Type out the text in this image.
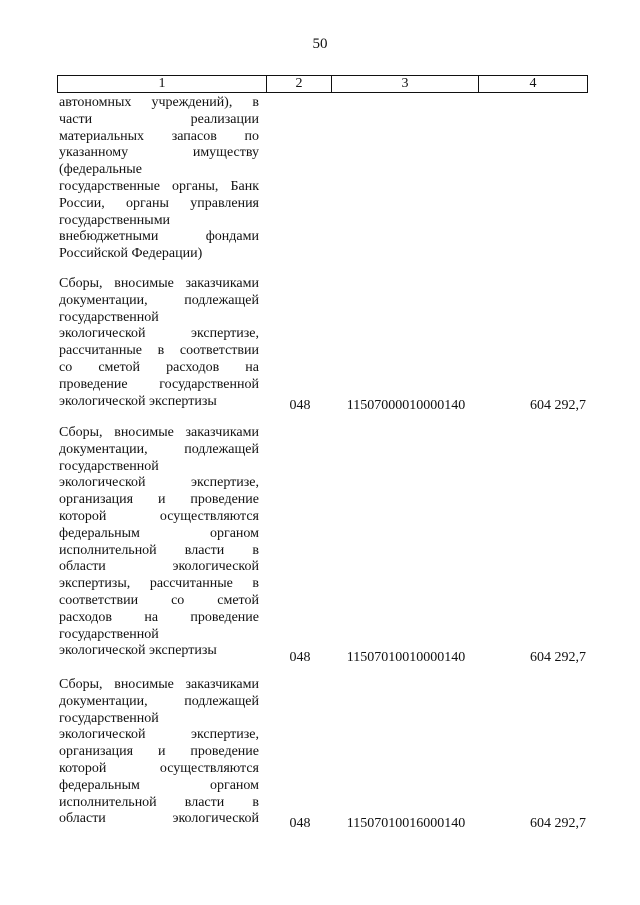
50
1	2	3	4
автономных учреждений), в
части реализации
материальных запасов по
указанному имуществу
(федеральные
государственные органы, Банк
России, органы управления
государственными
внебюджетными фондами
Российской Федерации)
Сборы, вносимые заказчиками
документации, подлежащей
государственной
экологической экспертизе,
рассчитанные в соответствии
со сметой расходов на
проведение государственной
экологической экспертизы	048	11507000010000140	604 292,7
Сборы, вносимые заказчиками
документации, подлежащей
государственной
экологической экспертизе,
организация и проведение
которой осуществляются
федеральным органом
исполнительной власти в
области экологической
экспертизы, рассчитанные в
соответствии со сметой
расходов на проведение
государственной
экологической экспертизы	048	11507010010000140	604 292,7
Сборы, вносимые заказчиками
документации, подлежащей
государственной
экологической экспертизе,
организация и проведение
которой осуществляются
федеральным органом
исполнительной власти в
области экологической 048	11507010016000140	604 292,7
